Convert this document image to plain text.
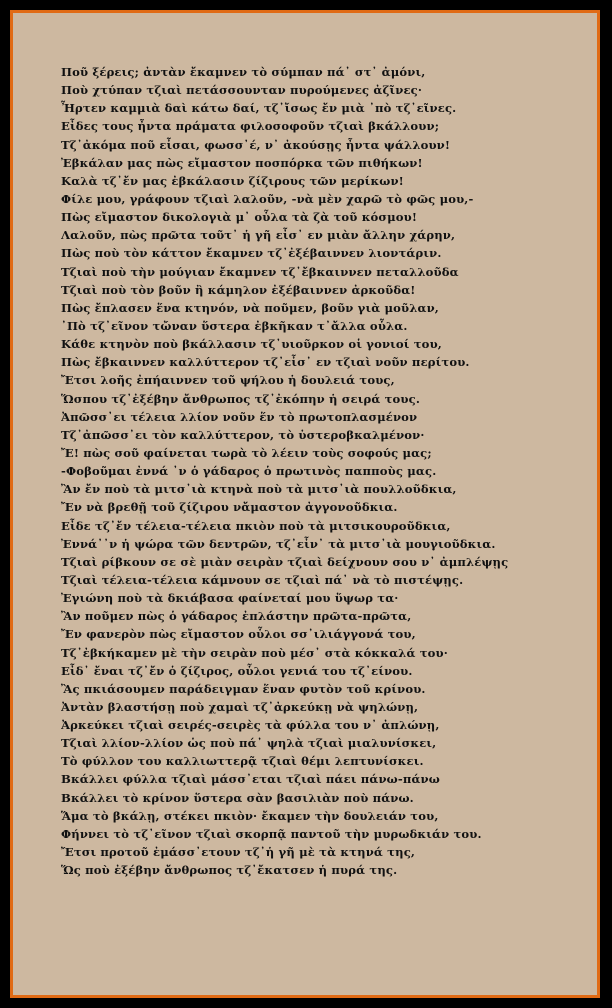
Ποῦ ξέρεις; ἀντὰν ἔκαμνεν τὸ σύμπαν πά᾽ στ᾽ ἀμόνι,
Ποὺ χτύπαν τζιαὶ πετάσσουνταν πυρούμενες ἀζῖνες·
Ἦρτεν καμμιὰ δαὶ κάτω δαί, τζ᾽ἴσως ἔν μιὰ ᾽πὸ τζ᾽εῖνες.
Εἶδες τους ἦντα πράματα φιλοσοφοῦν τζιαὶ βκάλλουν;
Τζ᾽ἀκόμα ποῦ εἶσαι, φωσσ᾽έ, ν᾽ ἀκούσῃς ἦντα ψάλλουν!
Ἐβκάλαν μας πὼς εἴμαστον ποσπόρκα τῶν πιθήκων!
Καλὰ τζ᾽ἔν μας ἐβκάλασιν ζίζιρους τῶν μερίκων!
Φίλε μου, γράφουν τζιαὶ λαλοῦν, -νὰ μὲν χαρῶ τὸ φῶς μου,-
Πὼς εἴμαστον δικολογιὰ μ᾽ οὗλα τὰ ζὰ τοῦ κόσμου!
Λαλοῦν, πὼς πρῶτα τοῦτ᾽ ἡ γῆ εἶσ᾽ εν μιὰν ἄλλην χάρην,
Πὼς ποὺ τὸν κάττον ἔκαμνεν τζ᾽ἐξέβαιννεν λιοντάριν.
Τζιαὶ ποὺ τὴν μούγιαν ἔκαμνεν τζ᾽ἔβκαιννεν πεταλλοῦδα
Τζιαὶ ποὺ τὸν βοῦν ἢ κάμηλον ἐξέβαιννεν ἀρκοῦδα!
Πὼς ἔπλασεν ἕνα κτηνόν, νὰ ποῦμεν, βοῦν γιὰ μοῦλαν,
᾽Πὸ τζ᾽εῖνον τὤναν ὕστερα ἐβκῆκαν τ᾽ἄλλα οὗλα.
Κάθε κτηνὸν ποὺ βκάλλασιν τζ᾽υιοῦρκον οἱ γονιοί του,
Πὼς ἔβκαιννεν καλλύττερον τζ᾽εἶσ᾽ εν τζιαὶ νοῦν περίτου.
Ἔτσι λοῆς ἐπήαιννεν τοῦ ψήλου ἡ δουλειά τους,
Ὥσπου τζ᾽ἐξέβην ἄνθρωπος τζ᾽ἐκόπην ἡ σειρά τους.
Ἀπῶσσ᾽ει τέλεια λλίον νοῦν ἕν τὸ πρωτοπλασμένον
Τζ᾽ἀπῶσσ᾽ει τὸν καλλύττερον, τὸ ὑστεροβκαλμένον·
Ἔ! πὼς σοῦ φαίνεται τωρὰ τὸ λέειν τοὺς σοφούς μας;
-Φοβοῦμαι ἐννά ᾽ν ὁ γάδαρος ὁ πρωτινὸς παπποὺς μας.
Ἂν ἔν ποὺ τὰ μιτσ᾽ιὰ κτηνὰ ποὺ τὰ μιτσ᾽ιὰ πουλλοῦδκια,
Ἔν νὰ βρεθῇ τοῦ ζίζιρου νἄμαστον ἀγγονοῦδκια.
Εἶδε τζ᾽ἔν τέλεια-τέλεια πκιὸν ποὺ τὰ μιτσικουροῦδκια,
Ἐννά᾽᾽ν ἡ ψώρα τῶν δεντρῶν, τζ᾽εἶν᾽ τὰ μιτσ᾽ιὰ μουγιοῦδκια.
Τζιαὶ ρίβκουν σε σὲ μιὰν σειρὰν τζιαὶ δείχνουν σου ν᾽ ἀμπλέψῃς
Τζιαὶ τέλεια-τέλεια κάμνουν σε τζιαὶ πά᾽ νὰ τὸ πιστέψῃς.
Ἐγιώνη ποὺ τὰ δκιάβασα φαίνεταί μου ὕψωρ τα·
Ἂν ποῦμεν πὼς ὁ γάδαρος ἐπλάστην πρῶτα-πρῶτα,
Ἔν φανερὸν πὼς εἴμαστον οὗλοι σσ᾽ιλιάγγονά του,
Τζ᾽ἐβκήκαμεν μὲ τὴν σειρὰν ποὺ μέσ᾽ στὰ κόκκαλά του·
Εἶδ᾽ ἔναι τζ᾽ἔν ὁ ζίζιρος, οὗλοι γενιά του τζ᾽είνου.
Ἂς πκιάσουμεν παράδειγμαν ἕναν φυτὸν τοῦ κρίνου.
Ἀντὰν βλαστήσῃ ποὺ χαμαὶ τζ᾽ἀρκεύκῃ νὰ ψηλώνῃ,
Ἀρκεύκει τζιαὶ σειρές-σειρὲς τὰ φύλλα του ν᾽ ἀπλώνῃ,
Τζιαὶ λλίον-λλίον ὡς ποὺ πά᾽ ψηλὰ τζιαὶ μιαλυνίσκει,
Τὸ φύλλον του καλλιωττερᾷ τζιαὶ θέμι λεπτυνίσκει.
Βκάλλει φύλλα τζιαὶ μάσσ᾽εται τζιαὶ πάει πάνω-πάνω
Βκάλλει τὸ κρίνον ὕστερα σὰν βασιλιὰν ποὺ πάνω.
Ἅμα τὸ βκάλῃ, στέκει πκιὸν· ἔκαμεν τὴν δουλειάν του,
Φήννει τὸ τζ᾽εῖνον τζιαὶ σκορπᾷ παντοῦ τὴν μυρωδκιάν του.
Ἔτσι προτοῦ ἐμάσσ᾽ετουν τζ᾽ἡ γῆ μὲ τὰ κτηνά της,
Ὥς ποὺ ἐξέβην ἄνθρωπος τζ᾽ἔκατσεν ἡ πυρά της.
